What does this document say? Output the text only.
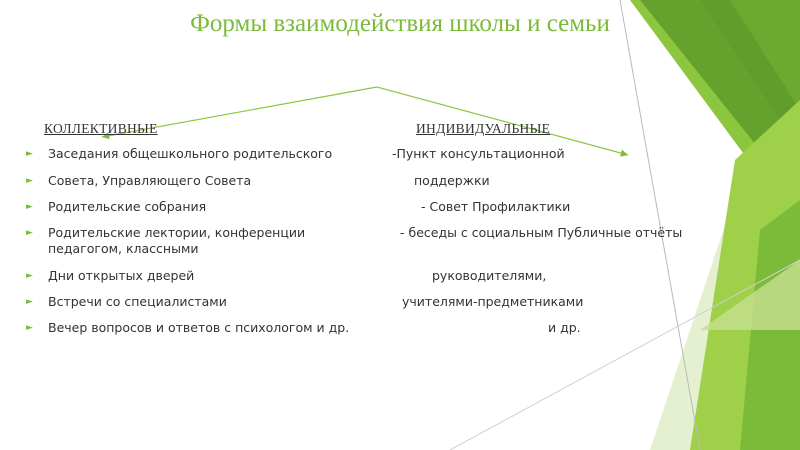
Формы взаимодействия школы и семьи
КОЛЛЕКТИВНЫЕ	ИНДИВИДУАЛЬНЫЕ
► Заседания общешкольного родительского
► Совета, Управляющего Совета
► Родительские собрания
► Родительские лектории, конференции
педагогом, классными
► Дни открытых дверей
► Встречи со специалистами
► Вечер вопросов и ответов с психологом и др.
-Пункт консультационной
поддержки
- Совет Профилактики
- беседы с социальным Публичные отчёты
руководителями,
учителями-предметниками
и др.
